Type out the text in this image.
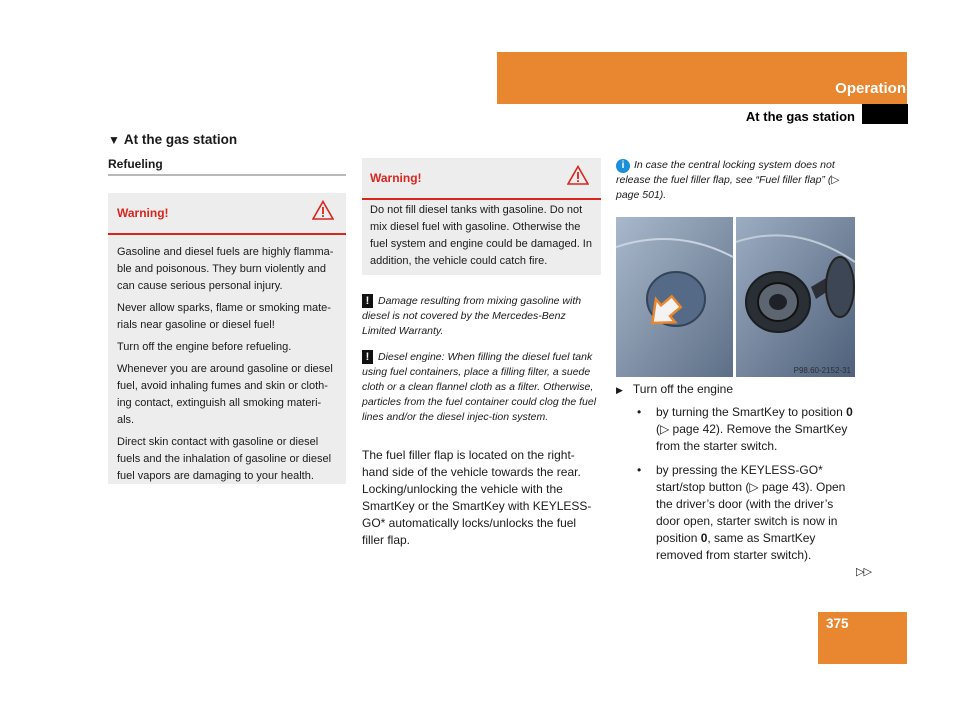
Operation
At the gas station
▼ At the gas station
Refueling
Warning!

Gasoline and diesel fuels are highly flamma-ble and poisonous. They burn violently and can cause serious personal injury.

Never allow sparks, flame or smoking mate-rials near gasoline or diesel fuel!

Turn off the engine before refueling.

Whenever you are around gasoline or diesel fuel, avoid inhaling fumes and skin or cloth-ing contact, extinguish all smoking materi-als.

Direct skin contact with gasoline or diesel fuels and the inhalation of gasoline or diesel fuel vapors are damaging to your health.

Warning!

Do not fill diesel tanks with gasoline. Do not mix diesel fuel with gasoline. Otherwise the fuel system and engine could be damaged. In addition, the vehicle could catch fire.

! Damage resulting from mixing gasoline with diesel is not covered by the Mercedes-Benz Limited Warranty.
! Diesel engine: When filling the diesel fuel tank using fuel containers, place a filling filter, a suede cloth or a clean flannel cloth as a filter. Otherwise, particles from the fuel container could clog the fuel lines and/or the diesel injec-tion system.
The fuel filler flap is located on the right-hand side of the vehicle towards the rear. Locking/unlocking the vehicle with the SmartKey or the SmartKey with KEYLESS-GO* automatically locks/unlocks the fuel filler flap.
i In case the central locking system does not release the fuel filler flap, see “Fuel filler flap” (▷ page 501).
P98.60-2152-31
▶ Turn off the engine
• by turning the SmartKey to position 0 (▷ page 42). Remove the SmartKey from the starter switch.
• by pressing the KEYLESS-GO* start/stop button (▷ page 43). Open the driver’s door (with the driver’s door open, starter switch is now in position 0, same as SmartKey removed from starter switch).
▷▷
375
